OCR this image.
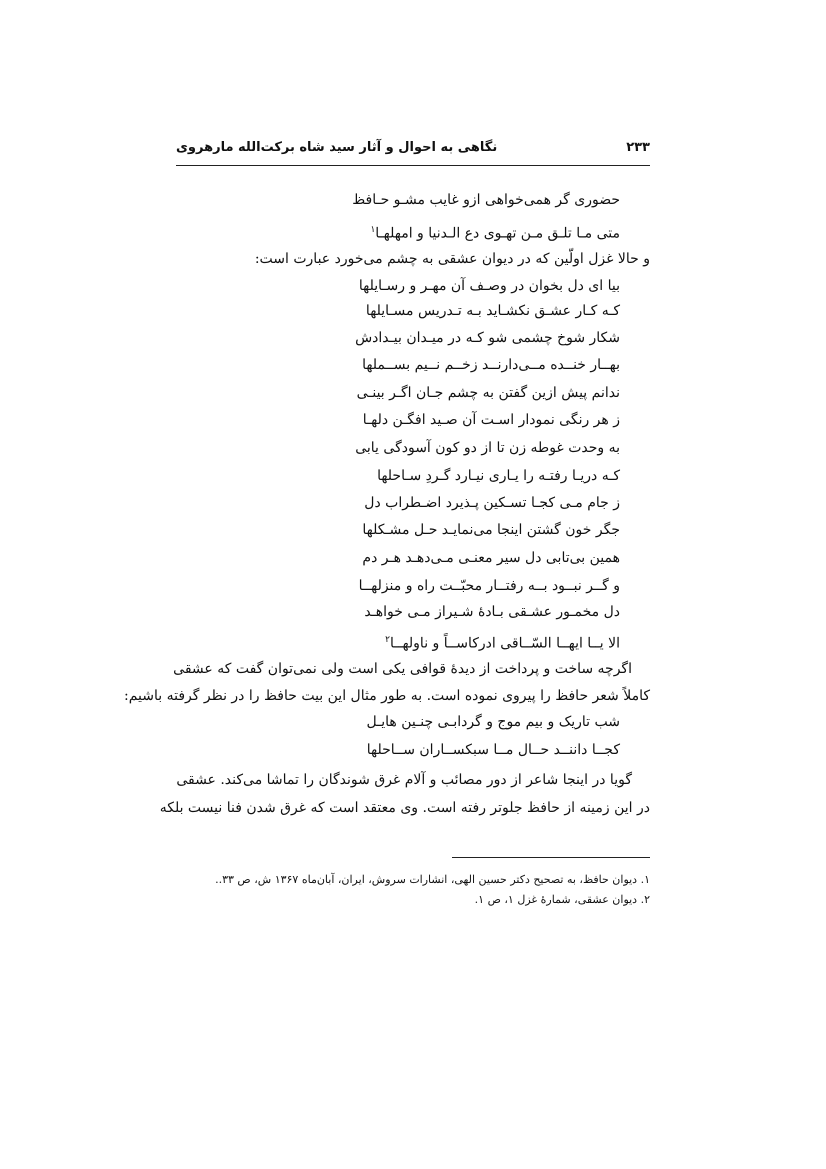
۲۳۳
نگاهی به احوال و آثار سید شاه برکت‌الله مارهروی
حضوری گر همی‌خواهی ازو غایب مشـو حـافظ
متی مـا تلـق مـن تهـوی دع الـدنیا و امهلهـا$^۱$
و حالا غزل اولّین که در دیوان عشقی به چشم می‌خورد عبارت است:
بیا ای دل بخوان در وصـف آن مهـر و رسـایلها
کـه کـار عشـق نکشـاید بـه تـدریس مسـایلها
شکار شوخ چشمی شو کـه در میـدان بیـدادش
بهــار خنــده مــی‌دارنــد زخــم نــیم بســملها
ندانم پیش ازین گفتن به چشم جـان اگـر بینـی
ز هر رنگی نمودار اسـت آن صـید افگـن دلهـا
به وحدت غوطه زن تا از دو کون آسودگی یابی
کـه دریـا رفتـه را یـاری نیـارد گـردِ سـاحلها
ز جام مـی کجـا تسـکین پـذیرد اضـطراب دل
جگر خون گشتن اینجا می‌نمایـد حـل مشـکلها
همین بی‌تابی دل سیر معنـی مـی‌دهـد هـر دم
و گــر نبــود بــه رفتــار محبّــت راه و منزلهــا
دل مخمـور عشـقی بـادهٔ شـیراز مـی خواهـد
الا یــا ایهــا السّــاقی ادرکاســاً و ناولهــا$^۲$
اگرچه ساخت و پرداخت از دیدهٔ قوافی یکی است ولی نمی‌توان گفت که عشقی
کاملاً شعر حافظ را پیروی نموده است. به طور مثال این بیت حافظ را در نظر گرفته باشیم:
شب تاریک و بیم موج و گردابـی چنـین هایـل
کجــا داننــد حــال مــا سبکســاران ســاحلها
گویا در اینجا شاعر از دور مصائب و آلام غرق شوندگان را تماشا می‌کند. عشقی
در این زمینه از حافظ جلوتر رفته است. وی معتقد است که غرق شدن فنا نیست بلکه
۱. دیوان حافظ، به تصحیح دکتر حسین الهی، انشارات سروش، ایران، آبان‌ماه ۱۳۶۷ ش، ص ۳۳..
۲. دیوان عشقی، شمارهٔ غزل ۱، ص ۱.
